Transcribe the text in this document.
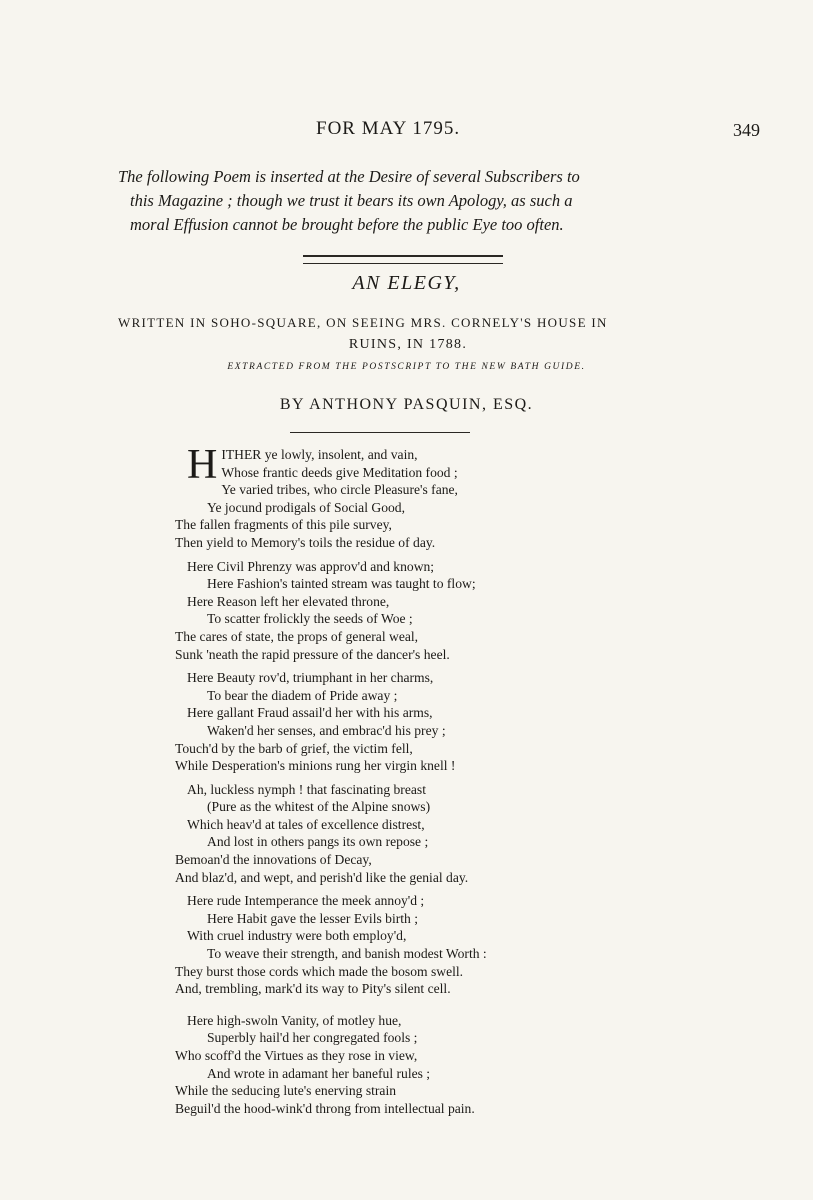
FOR MAY 1795.	349
The following Poem is inserted at the Desire of several Subscribers to
this Magazine ; though we trust it bears its own Apology, as such a
moral Effusion cannot be brought before the public Eye too often.
AN ELEGY,
WRITTEN IN SOHO-SQUARE, ON SEEING MRS. CORNELY'S HOUSE IN
RUINS, IN 1788.
EXTRACTED FROM THE POSTSCRIPT TO THE NEW BATH GUIDE.
BY ANTHONY PASQUIN, ESQ.
H ITHER ye lowly, insolent, and vain,
Whose frantic deeds give Meditation food ;
Ye varied tribes, who circle Pleasure's fane,
Ye jocund prodigals of Social Good,
The fallen fragments of this pile survey,
Then yield to Memory's toils the residue of day.
Here Civil Phrenzy was approv'd and known;
Here Fashion's tainted stream was taught to flow;
Here Reason left her elevated throne,
To scatter frolickly the seeds of Woe ;
The cares of state, the props of general weal,
Sunk 'neath the rapid pressure of the dancer's heel.
Here Beauty rov'd, triumphant in her charms,
To bear the diadem of Pride away ;
Here gallant Fraud assail'd her with his arms,
Waken'd her senses, and embrac'd his prey ;
Touch'd by the barb of grief, the victim fell,
While Desperation's minions rung her virgin knell !
Ah, luckless nymph ! that fascinating breast
(Pure as the whitest of the Alpine snows)
Which heav'd at tales of excellence distrest,
And lost in others pangs its own repose ;
Bemoan'd the innovations of Decay,
And blaz'd, and wept, and perish'd like the genial day.
Here rude Intemperance the meek annoy'd ;
Here Habit gave the lesser Evils birth ;
With cruel industry were both employ'd,
To weave their strength, and banish modest Worth :
They burst those cords which made the bosom swell.
And, trembling, mark'd its way to Pity's silent cell.
Here high-swoln Vanity, of motley hue,
Superbly hail'd her congregated fools ;
Who scoff'd the Virtues as they rose in view,
And wrote in adamant her baneful rules ;
While the seducing lute's enerving strain
Beguil'd the hood-wink'd throng from intellectual pain.
